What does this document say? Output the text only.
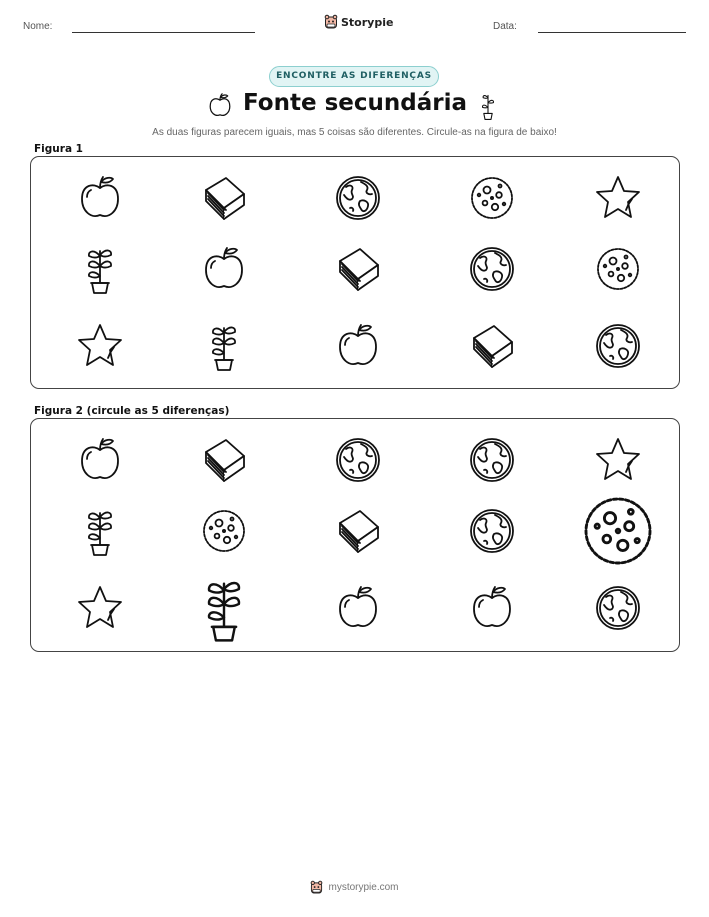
Nome:	Storypie	Data:
ENCONTRE AS DIFERENÇAS
Fonte secundária
As duas figuras parecem iguais, mas 5 coisas são diferentes. Circule-as na figura de baixo!
Figura 1
Figura 2 (circule as 5 diferenças)
mystorypie.com
